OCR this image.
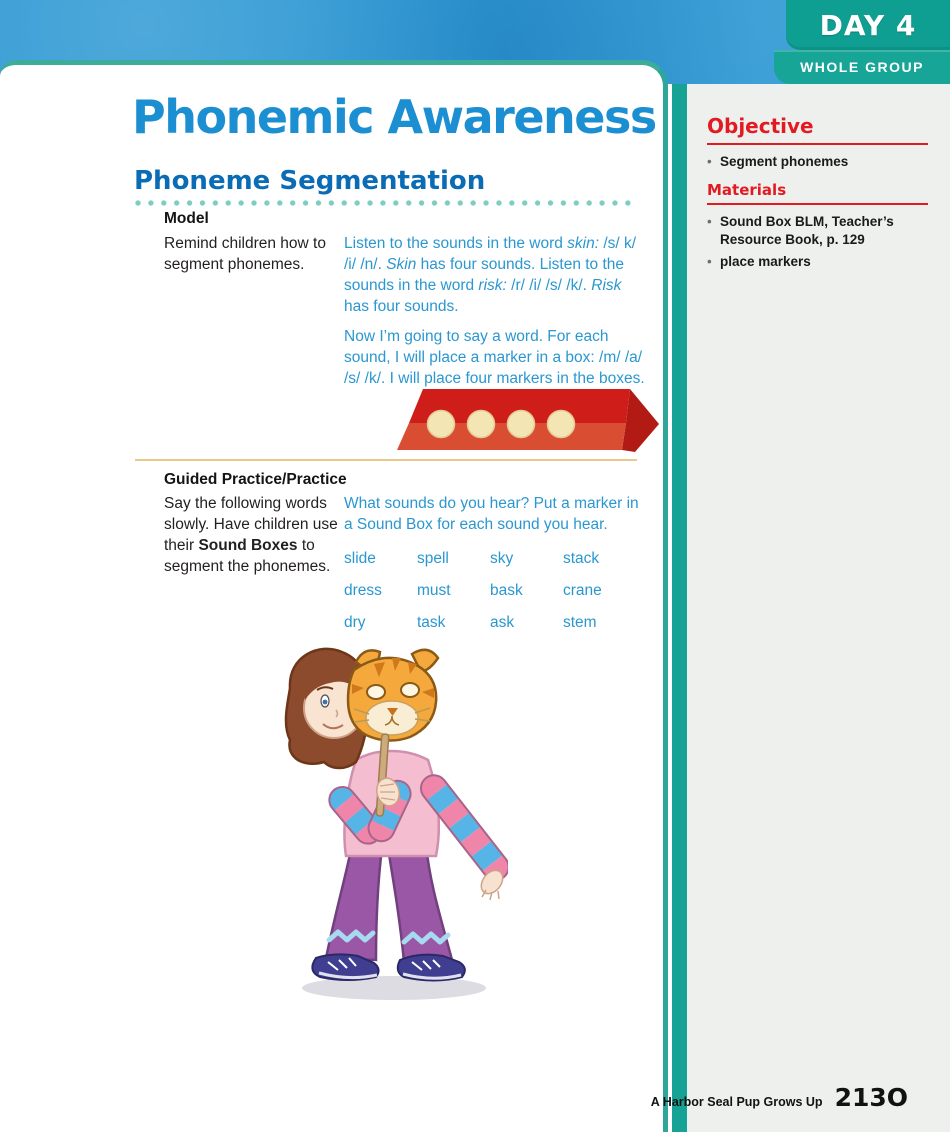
DAY 4
WHOLE GROUP
Phonemic Awareness
Phoneme Segmentation
Model
Remind children how to segment phonemes.

Listen to the sounds in the word skin: /s/ k/ /i/ /n/. Skin has four sounds. Listen to the sounds in the word risk: /r/ /i/ /s/ /k/. Risk has four sounds.

Now I’m going to say a word. For each sound, I will place a marker in a box: /m/ /a/ /s/ /k/. I will place four markers in the boxes.

Guided Practice/Practice
Say the following words slowly. Have children use their Sound Boxes to segment the phonemes.

What sounds do you hear? Put a marker in a Sound Box for each sound you hear.

slide	spell	sky	stack
dress	must	bask	crane
dry	task	ask	stem
Objective
• Segment phonemes
Materials
• Sound Box BLM, Teacher’s Resource Book, p. 129
• place markers
A Harbor Seal Pup Grows Up 213O
